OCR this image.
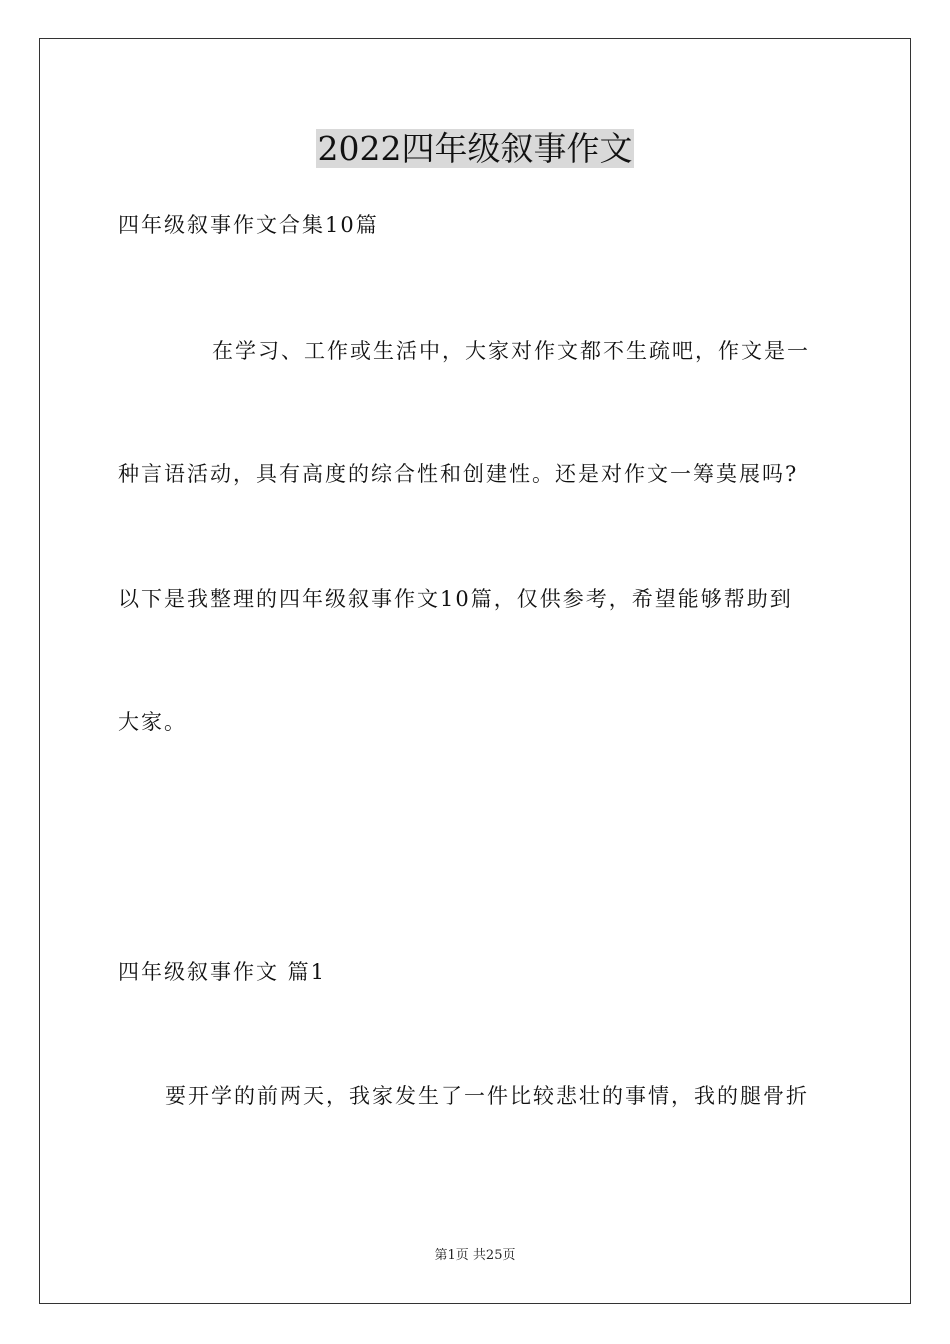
2022四年级叙事作文
四年级叙事作文合集10篇
在学习、工作或生活中，大家对作文都不生疏吧，作文是一
种言语活动，具有高度的综合性和创建性。还是对作文一筹莫展吗?
以下是我整理的四年级叙事作文10篇，仅供参考，希望能够帮助到
大家。
四年级叙事作文 篇1
要开学的前两天，我家发生了一件比较悲壮的事情，我的腿骨折
第1页 共25页
